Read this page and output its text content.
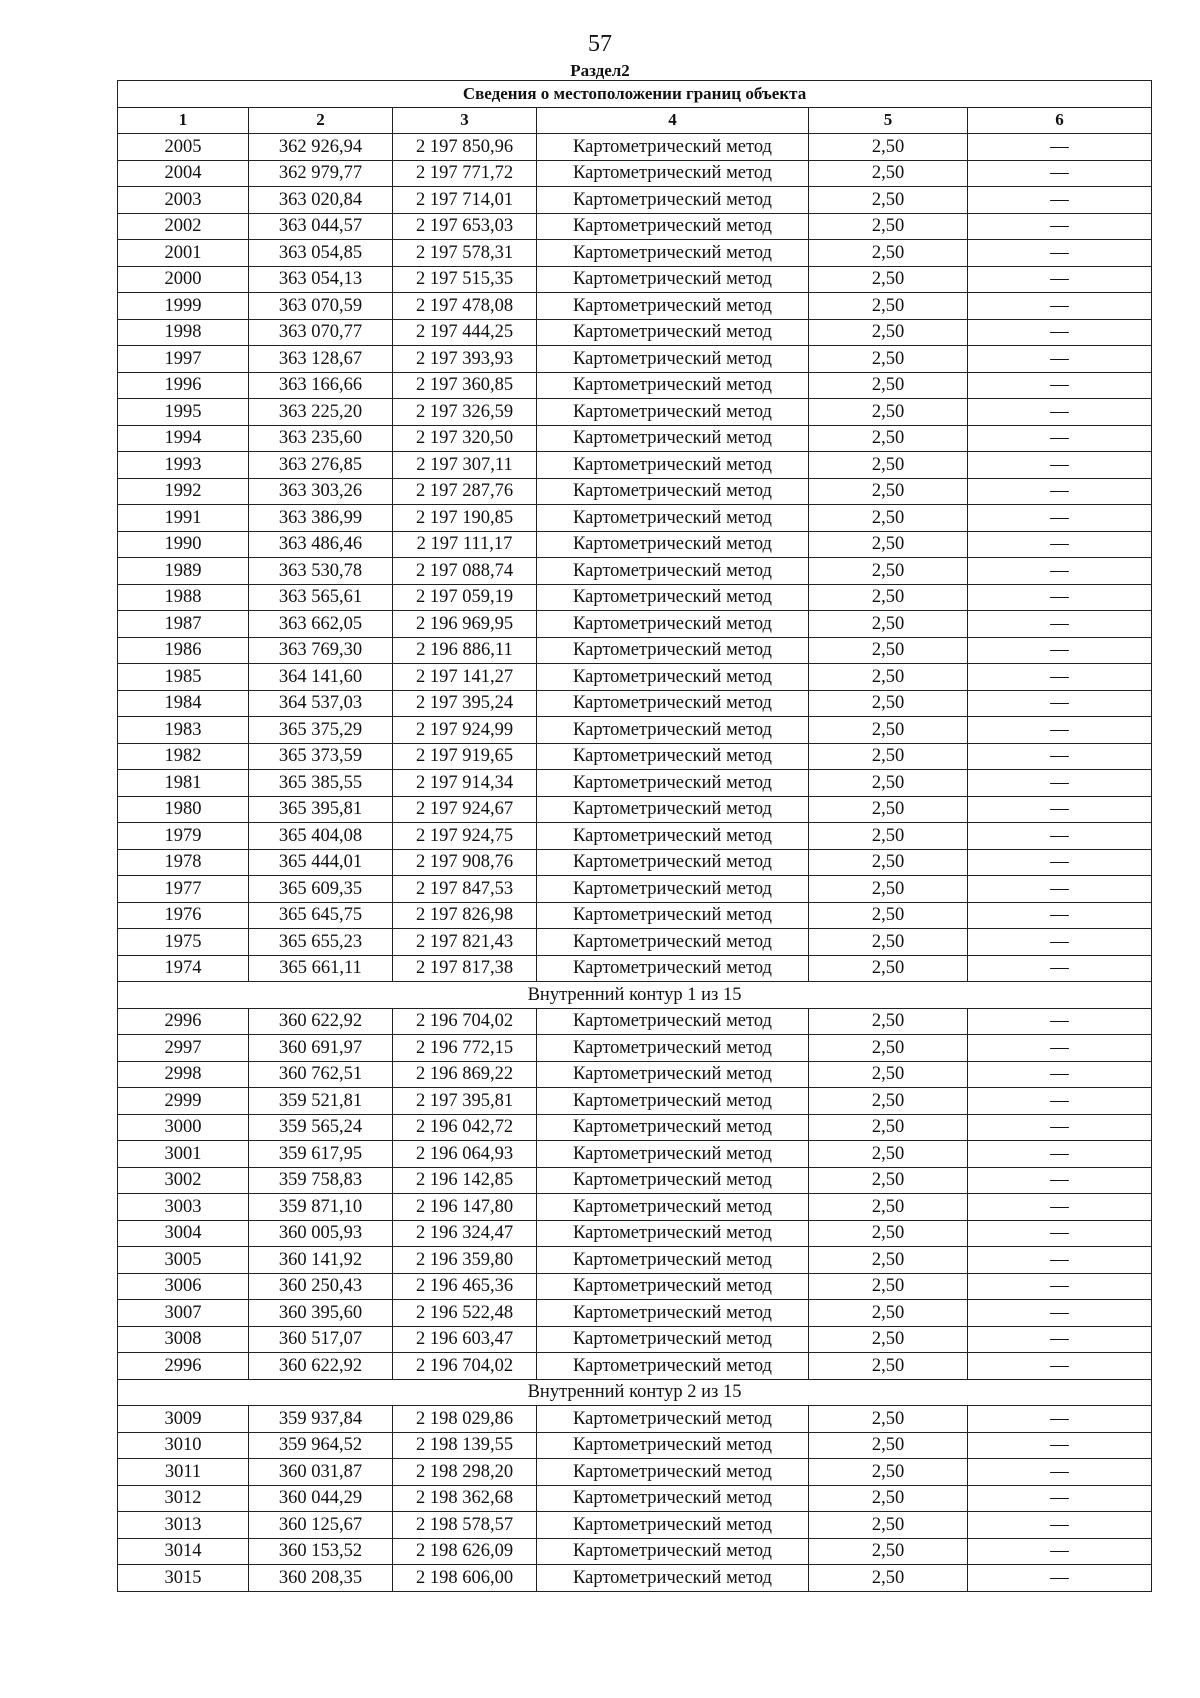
57
Раздел2
Сведения о местоположении границ объекта					
1	2	3	4	5	6
2005	362 926,94	2 197 850,96	Картометрический метод	2,50	—
2004	362 979,77	2 197 771,72	Картометрический метод	2,50	—
2003	363 020,84	2 197 714,01	Картометрический метод	2,50	—
2002	363 044,57	2 197 653,03	Картометрический метод	2,50	—
2001	363 054,85	2 197 578,31	Картометрический метод	2,50	—
2000	363 054,13	2 197 515,35	Картометрический метод	2,50	—
1999	363 070,59	2 197 478,08	Картометрический метод	2,50	—
1998	363 070,77	2 197 444,25	Картометрический метод	2,50	—
1997	363 128,67	2 197 393,93	Картометрический метод	2,50	—
1996	363 166,66	2 197 360,85	Картометрический метод	2,50	—
1995	363 225,20	2 197 326,59	Картометрический метод	2,50	—
1994	363 235,60	2 197 320,50	Картометрический метод	2,50	—
1993	363 276,85	2 197 307,11	Картометрический метод	2,50	—
1992	363 303,26	2 197 287,76	Картометрический метод	2,50	—
1991	363 386,99	2 197 190,85	Картометрический метод	2,50	—
1990	363 486,46	2 197 111,17	Картометрический метод	2,50	—
1989	363 530,78	2 197 088,74	Картометрический метод	2,50	—
1988	363 565,61	2 197 059,19	Картометрический метод	2,50	—
1987	363 662,05	2 196 969,95	Картометрический метод	2,50	—
1986	363 769,30	2 196 886,11	Картометрический метод	2,50	—
1985	364 141,60	2 197 141,27	Картометрический метод	2,50	—
1984	364 537,03	2 197 395,24	Картометрический метод	2,50	—
1983	365 375,29	2 197 924,99	Картометрический метод	2,50	—
1982	365 373,59	2 197 919,65	Картометрический метод	2,50	—
1981	365 385,55	2 197 914,34	Картометрический метод	2,50	—
1980	365 395,81	2 197 924,67	Картометрический метод	2,50	—
1979	365 404,08	2 197 924,75	Картометрический метод	2,50	—
1978	365 444,01	2 197 908,76	Картометрический метод	2,50	—
1977	365 609,35	2 197 847,53	Картометрический метод	2,50	—
1976	365 645,75	2 197 826,98	Картометрический метод	2,50	—
1975	365 655,23	2 197 821,43	Картометрический метод	2,50	—
1974	365 661,11	2 197 817,38	Картометрический метод	2,50	—
Внутренний контур 1 из 15					
2996	360 622,92	2 196 704,02	Картометрический метод	2,50	—
2997	360 691,97	2 196 772,15	Картометрический метод	2,50	—
2998	360 762,51	2 196 869,22	Картометрический метод	2,50	—
2999	359 521,81	2 197 395,81	Картометрический метод	2,50	—
3000	359 565,24	2 196 042,72	Картометрический метод	2,50	—
3001	359 617,95	2 196 064,93	Картометрический метод	2,50	—
3002	359 758,83	2 196 142,85	Картометрический метод	2,50	—
3003	359 871,10	2 196 147,80	Картометрический метод	2,50	—
3004	360 005,93	2 196 324,47	Картометрический метод	2,50	—
3005	360 141,92	2 196 359,80	Картометрический метод	2,50	—
3006	360 250,43	2 196 465,36	Картометрический метод	2,50	—
3007	360 395,60	2 196 522,48	Картометрический метод	2,50	—
3008	360 517,07	2 196 603,47	Картометрический метод	2,50	—
2996	360 622,92	2 196 704,02	Картометрический метод	2,50	—
Внутренний контур 2 из 15					
3009	359 937,84	2 198 029,86	Картометрический метод	2,50	—
3010	359 964,52	2 198 139,55	Картометрический метод	2,50	—
3011	360 031,87	2 198 298,20	Картометрический метод	2,50	—
3012	360 044,29	2 198 362,68	Картометрический метод	2,50	—
3013	360 125,67	2 198 578,57	Картометрический метод	2,50	—
3014	360 153,52	2 198 626,09	Картометрический метод	2,50	—
3015	360 208,35	2 198 606,00	Картометрический метод	2,50	—
